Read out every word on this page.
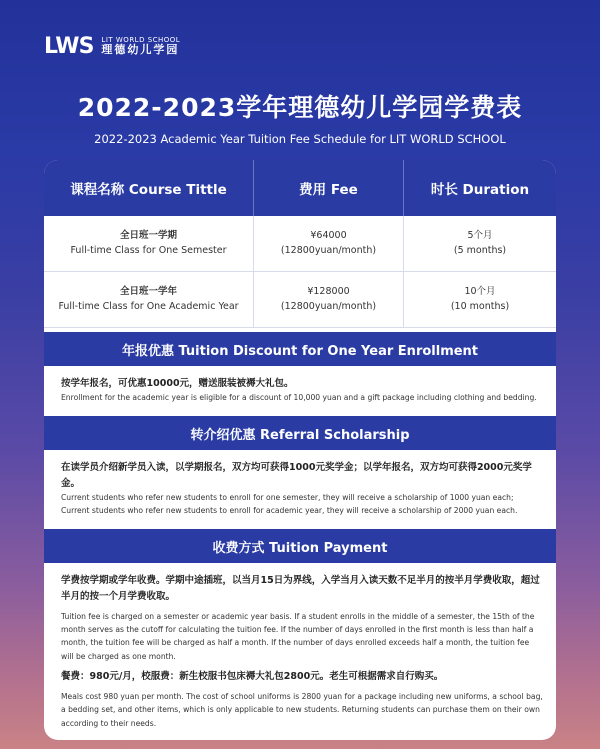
LWS LIT WORLD SCHOOL
理德幼儿学园
2022-2023学年理德幼儿学园学费表
2022-2023 Academic Year Tuition Fee Schedule for LIT WORLD SCHOOL
课程名称 Course Tittle	费用 Fee	时长 Duration
全日班一学期
Full-time Class for One Semester
¥64000
(12800yuan/month)
5个月
(5 months)
全日班一学年
Full-time Class for One Academic Year
¥128000
(12800yuan/month)
10个月
(10 months)
年报优惠 Tuition Discount for One Year Enrollment
按学年报名，可优惠10000元，赠送服装被褥大礼包。
Enrollment for the academic year is eligible for a discount of 10,000 yuan and a gift package including clothing and bedding.
转介绍优惠 Referral Scholarship
在读学员介绍新学员入读，以学期报名，双方均可获得1000元奖学金；以学年报名，双方均可获得2000元奖学金。
Current students who refer new students to enroll for one semester, they will receive a scholarship of 1000 yuan each;
Current students who refer new students to enroll for academic year, they will receive a scholarship of 2000 yuan each.
收费方式 Tuition Payment
学费按学期或学年收费。学期中途插班，以当月15日为界线，入学当月入读天数不足半月的按半月学费收取，超过半月的按一个月学费收取。
Tuition fee is charged on a semester or academic year basis. If a student enrolls in the middle of a semester, the 15th of the month serves as the cutoff for calculating the tuition fee. If the number of days enrolled in the first month is less than half a month, the tuition fee will be charged as half a month. If the number of days enrolled exceeds half a month, the tuition fee will be charged as one month.
餐费：980元/月，校服费：新生校服书包床褥大礼包2800元。老生可根据需求自行购买。
Meals cost 980 yuan per month. The cost of school uniforms is 2800 yuan for a package including new uniforms, a school bag, a bedding set, and other items, which is only applicable to new students. Returning students can purchase them on their own according to their needs.
